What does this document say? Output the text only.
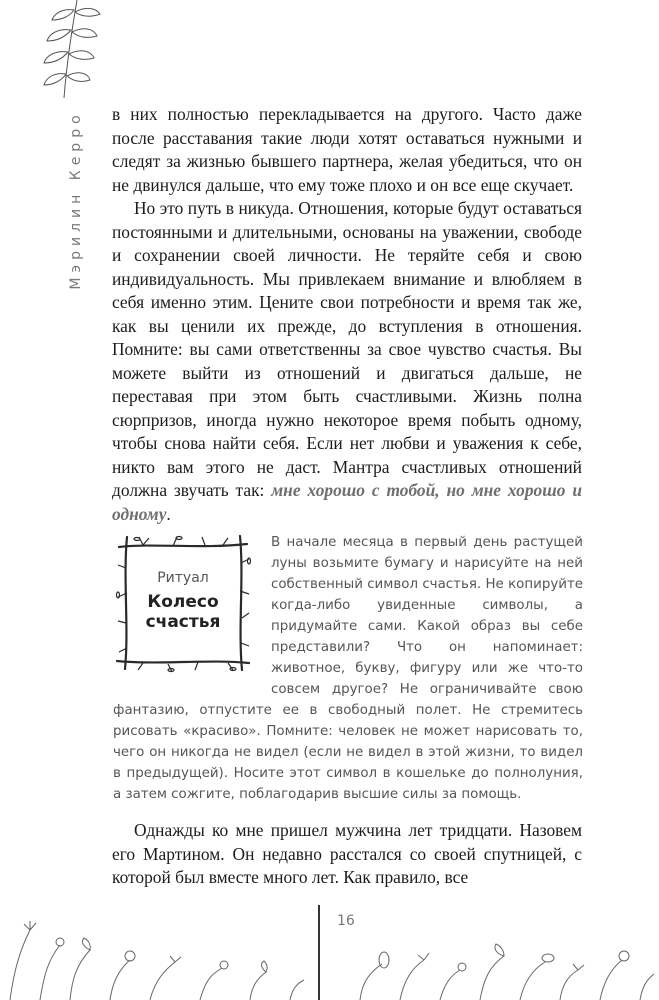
Мэрилин Керро в них полностью перекладывается на другого. Часто даже после расставания такие люди хотят оставаться нужными и следят за жизнью бывшего партнера, желая убедиться, что он не двинулся дальше, что ему тоже плохо и он все еще скучает.

Но это путь в никуда. Отношения, которые будут оставаться постоянными и длительными, основаны на уважении, свободе и сохранении своей личности. Не теряйте себя и свою индивидуальность. Мы привлекаем внимание и влюбляем в себя именно этим. Цените свои потребности и время так же, как вы ценили их прежде, до вступления в отношения. Помните: вы сами ответственны за свое чувство счастья. Вы можете выйти из отношений и двигаться дальше, не переставая при этом быть счастливыми. Жизнь полна сюрпризов, иногда нужно некоторое время побыть одному, чтобы снова найти себя. Если нет любви и уважения к себе, никто вам этого не даст. Мантра счастливых отношений должна звучать так: мне хорошо с тобой, но мне хорошо и одному.

Ритуал
Колесо счастья
В начале месяца в первый день растущей луны возьмите бумагу и нарисуйте на ней собственный символ счастья. Не копируйте когда-либо увиденные символы, а придумайте сами. Какой образ вы себе представили? Что он напоминает: животное, букву, фигуру или же что-то совсем другое? Не ограничивайте свою фантазию, отпустите ее в свободный полет. Не стремитесь рисовать «красиво». Помните: человек не может нарисовать то, чего он никогда не видел (если не видел в этой жизни, то видел в предыдущей). Носите этот символ в кошельке до полнолуния, а затем сожгите, поблагодарив высшие силы за помощь.

Однажды ко мне пришел мужчина лет тридцати. Назовем его Мартином. Он недавно расстался со своей спутницей, с которой был вместе много лет. Как правило, все

16
